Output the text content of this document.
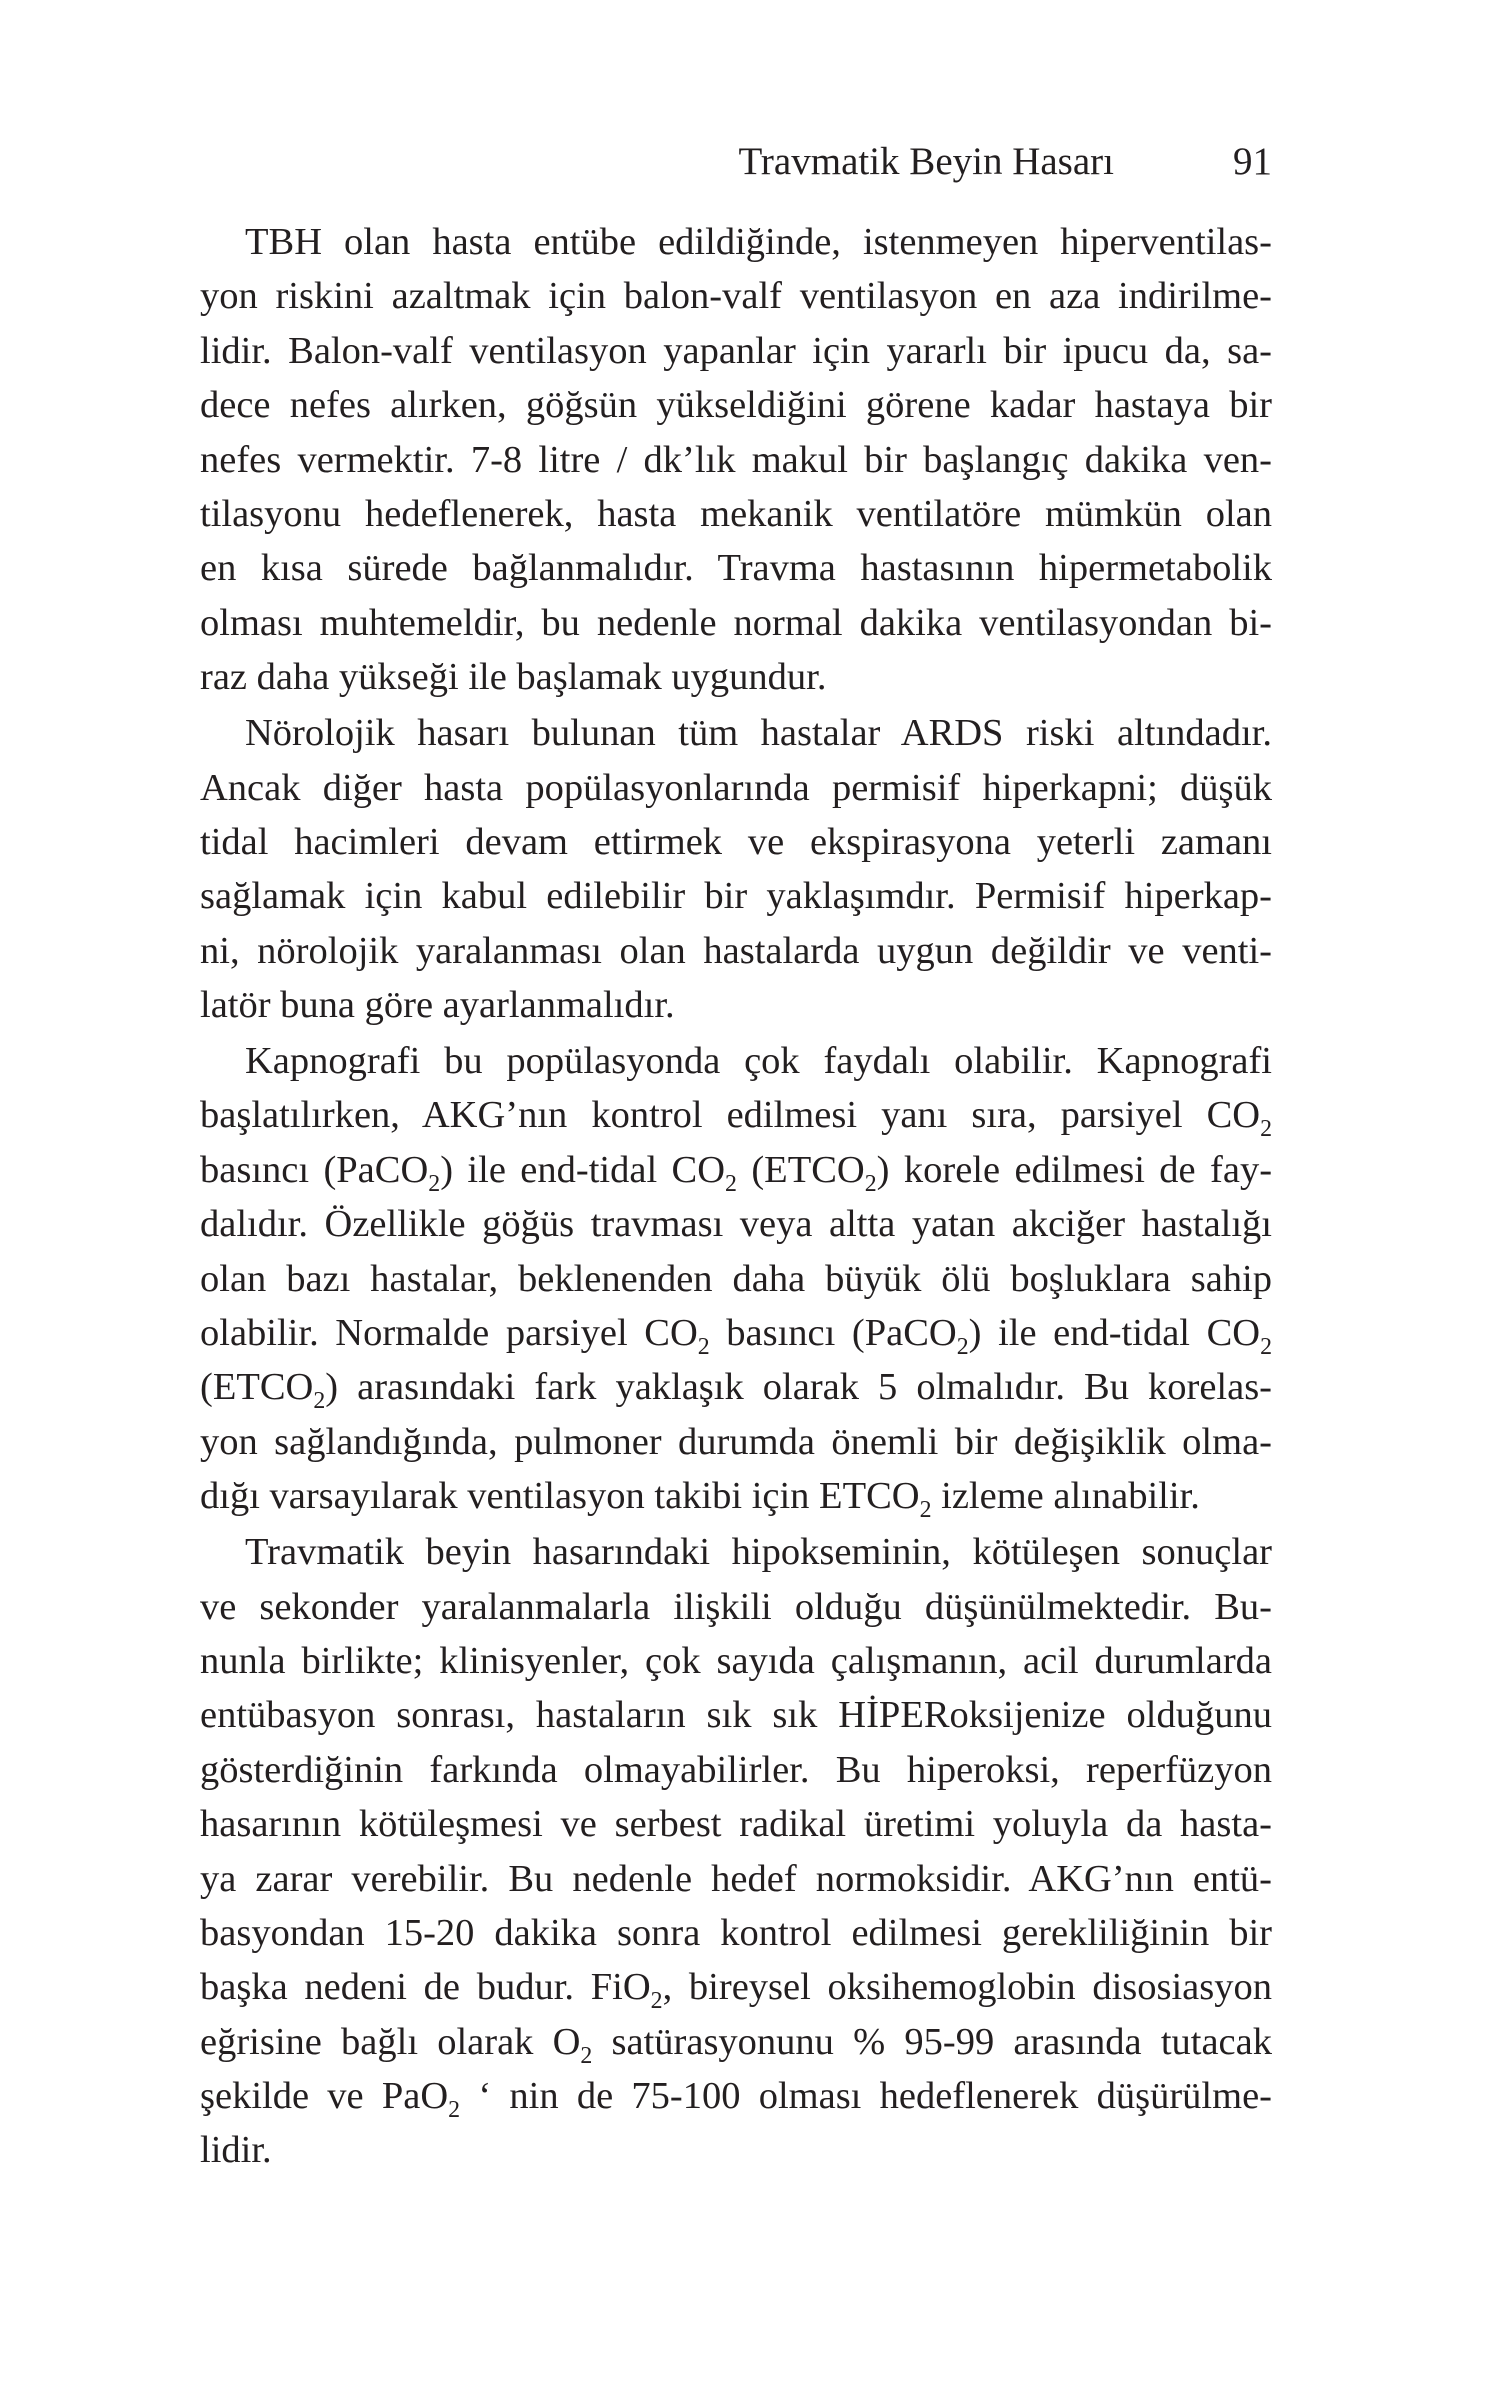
Travmatik Beyin Hasarı	91
TBH olan hasta entübe edildiğinde, istenmeyen hiperventilas-
yon riskini azaltmak için balon-valf ventilasyon en aza indirilme-
lidir. Balon-valf ventilasyon yapanlar için yararlı bir ipucu da, sa-
dece nefes alırken, göğsün yükseldiğini görene kadar hastaya bir
nefes vermektir. 7-8 litre / dk’lık makul bir başlangıç dakika ven-
tilasyonu hedeflenerek, hasta mekanik ventilatöre mümkün olan
en kısa sürede bağlanmalıdır. Travma hastasının hipermetabolik
olması muhtemeldir, bu nedenle normal dakika ventilasyondan bi-
raz daha yükseği ile başlamak uygundur.
Nörolojik hasarı bulunan tüm hastalar ARDS riski altındadır.
Ancak diğer hasta popülasyonlarında permisif hiperkapni; düşük
tidal hacimleri devam ettirmek ve ekspirasyona yeterli zamanı
sağlamak için kabul edilebilir bir yaklaşımdır. Permisif hiperkap-
ni, nörolojik yaralanması olan hastalarda uygun değildir ve venti-
latör buna göre ayarlanmalıdır.
Kapnografi bu popülasyonda çok faydalı olabilir. Kapnografi
başlatılırken, AKG’nın kontrol edilmesi yanı sıra, parsiyel $CO_2$
basıncı (PaCO$_2$) ile end-tidal $CO_2$ $(ETCO_2)$ korele edilmesi de fay-
dalıdır. Özellikle göğüs travması veya altta yatan akciğer hastalığı
olan bazı hastalar, beklenenden daha büyük ölü boşluklara sahip
olabilir. Normalde parsiyel $CO_2$ basıncı (PaCO$_2$) ile end-tidal $CO_2$
$(ETCO_2)$ arasındaki fark yaklaşık olarak 5 olmalıdır. Bu korelas-
yon sağlandığında, pulmoner durumda önemli bir değişiklik olma-
dığı varsayılarak ventilasyon takibi için $ETCO_2$ izleme alınabilir.
Travmatik beyin hasarındaki hipokseminin, kötüleşen sonuçlar
ve sekonder yaralanmalarla ilişkili olduğu düşünülmektedir. Bu-
nunla birlikte; klinisyenler, çok sayıda çalışmanın, acil durumlarda
entübasyon sonrası, hastaların sık sık HİPERoksijenize olduğunu
gösterdiğinin farkında olmayabilirler. Bu hiperoksi, reperfüzyon
hasarının kötüleşmesi ve serbest radikal üretimi yoluyla da hasta-
ya zarar verebilir. Bu nedenle hedef normoksidir. AKG’nın entü-
basyondan 15-20 dakika sonra kontrol edilmesi gerekliliğinin bir
başka nedeni de budur. FiO$_2$, bireysel oksihemoglobin disosiasyon
eğrisine bağlı olarak $O_2$ satürasyonunu % 95-99 arasında tutacak
şekilde ve PaO$_2$ ‘ nin de 75-100 olması hedeflenerek düşürülme-
lidir.
